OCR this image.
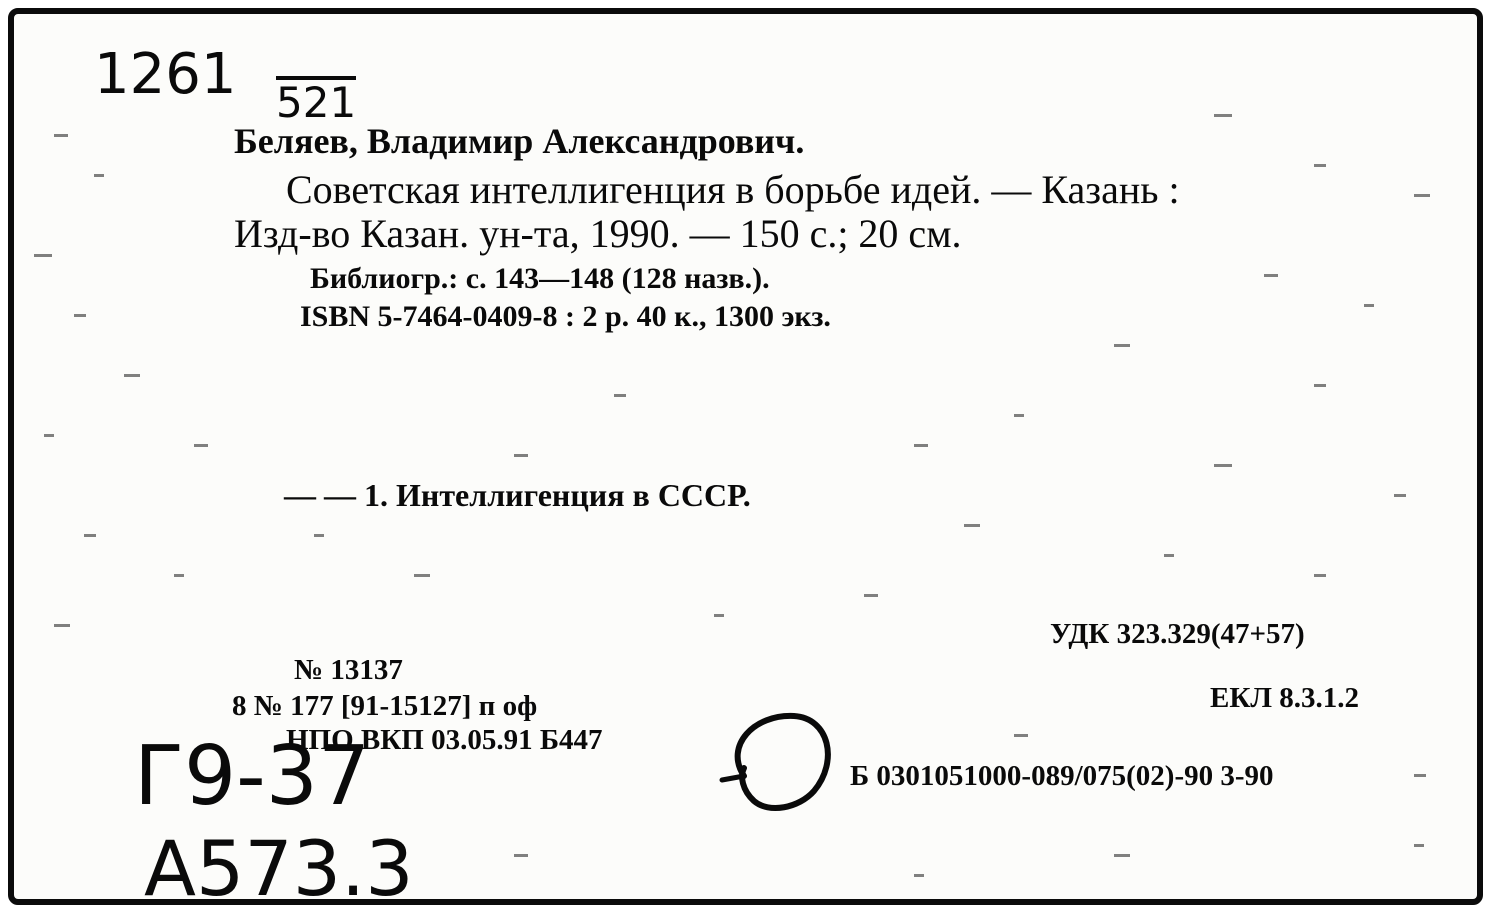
1261 521
Г9-37
A573.3
Беляев, Владимир Александрович.
Советская интеллигенция в борьбе идей. — Казань :
Изд-во Казан. ун-та, 1990. — 150 с.; 20 см.
Библиогр.: с. 143—148 (128 назв.).
ISBN 5-7464-0409-8 : 2 р. 40 к., 1300 экз.
— — 1. Интеллигенция в СССР.
УДК 323.329(47+57)
ЕКЛ 8.3.1.2
Б 0301051000-089/075(02)-90 3-90
№ 13137
8 № 177 [91-15127] п оф
НПО ВКП 03.05.91 Б447
